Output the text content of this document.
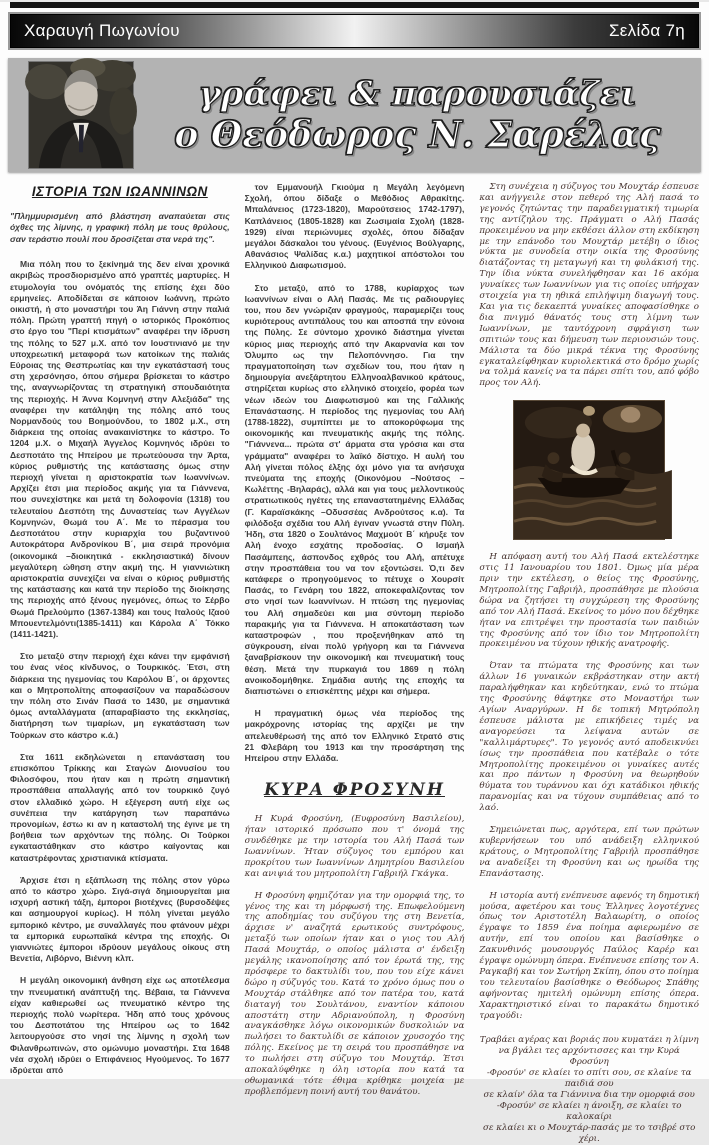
Χαραυγή Πωγωνίου	Σελίδα 7η
γράφει & παρουσιάζει
ο Θεόδωρος Ν. Σαρέλας
ΙΣΤΟΡΙΑ ΤΩΝ ΙΩΑΝΝΙΝΩΝ

"Πλημμυρισμένη από βλάστηση αναπαύεται στις όχθες της λίμνης, η γραφική πόλη με τους θρύλους, σαν τεράστιο πουλί που δροσίζεται στα νερά της".

Μια πόλη που το ξεκίνημά της δεν είναι χρονικά ακριβώς προσδιορισμένο από γραπτές μαρτυρίες. Η ετυμολογία του ονόματός της επίσης έχει δύο ερμηνείες. Αποδίδεται σε κάποιον Ιωάννη, πρώτο οικιστή, ή στο μοναστήρι του Άη Γιάννη στην παλιά πόλη. Πρώτη γραπτή πηγή ο ιστορικός Προκόπιος στο έργο του "Περί κτισμάτων" αναφέρει την ίδρυση της πόλης το 527 μ.Χ. από τον Ιουστινιανό με την υποχρεωτική μεταφορά των κατοίκων της παλιάς Εύροιας της Θεσπρωτίας και την εγκατάστασή τους στη χερσόνησο, όπου σήμερα βρίσκεται το κάστρο της, αναγνωρίζοντας τη στρατηγική σπουδαιότητα της περιοχής. Η Άννα Κομνηνή στην Αλεξιάδα" της αναφέρει την κατάληψη της πόλης από τους Νορμανδούς του Βοημούνδου, το 1802 μ.Χ., στη διάρκεια της οποίας ανακαινίστηκε το κάστρο. Το 1204 μ.Χ. ο Μιχαήλ Άγγελος Κομνηνός ιδρύει το Δεσποτάτο της Ηπείρου με πρωτεύουσα την Άρτα, κύριος ρυθμιστής της κατάστασης όμως στην περιοχή γίνεται η αριστοκρατία των Ιωαννίνων. Αρχίζει έτσι μια περίοδος ακμής για τα Γιάννενα, που συνεχίστηκε και μετά τη δολοφονία (1318) του τελευταίου Δεσπότη της Δυναστείας των Αγγέλων Κομνηνών, Θωμά του Α΄. Με το πέρασμα του Δεσποτάτου στην κυριαρχία του βυζαντινού Αυτοκράτορα Ανδρονίκου Β΄, μια σειρά προνόμια (οικονομικά –διοικητικά - εκκλησιαστικά) δίνουν μεγαλύτερη ώθηση στην ακμή της. Η γιαννιώτικη αριστοκρατία συνεχίζει να είναι ο κύριος ρυθμιστής της κατάστασης και κατά την περίοδο της διοίκησης της περιοχής από ξένους ηγεμόνες, όπως το Σέρβο Θωμά Πρελούμπο (1367-1384) και τους Ιταλούς Ιζαού Μπουεντελμόντι(1385-1411) και Κάρολα Α΄ Τόκκο (1411-1421).

Στο μεταξύ στην περιοχή έχει κάνει την εμφάνισή του ένας νέος κίνδυνος, ο Τουρκικός. Έτσι, στη διάρκεια της ηγεμονίας του Καρόλου Β΄, οι άρχοντες και ο Μητροπολίτης αποφασίζουν να παραδώσουν την πόλη στο Σινάν Πασά το 1430, με σημαντικά όμως ανταλλάγματα (απαραβίαστο της εκκλησίας, διατήρηση των τιμαρίων, μη εγκατάσταση των Τούρκων στο κάστρο κ.ά.)

Στα 1611 εκδηλώνεται η επανάσταση του επισκόπου Τρίκκης και Σταγών Διονυσίου του Φιλοσόφου, που ήταν και η πρώτη σημαντική προσπάθεια απαλλαγής από τον τουρκικό ζυγό στον ελλαδικό χώρο. Η εξέγερση αυτή είχε ως συνέπεια την κατάργηση των παραπάνω προνομίων, έστω κι αν η καταστολή της έγινε με τη βοήθεια των αρχόντων της πόλης. Οι Τούρκοι εγκαταστάθηκαν στο κάστρο καίγοντας και καταστρέφοντας χριστιανικά κτίσματα.

Άρχισε έτσι η εξάπλωση της πόλης στον γύρω από το κάστρο χώρο. Σιγά-σιγά δημιουργείται μια ισχυρή αστική τάξη, έμποροι βιοτέχνες (βυρσοδέψες και ασημουργοί κυρίως). Η πόλη γίνεται μεγάλο εμπορικό κέντρο, με συναλλαγές που φτάνουν μέχρι τα εμπορικά ευρωπαϊκά κέντρα της εποχής. Οι γιαννιώτες έμποροι ιδρύουν μεγάλους οίκους στη Βενετία, Λιβόρνο, Βιέννη κλπ.

Η μεγάλη οικονομική άνθηση είχε ως αποτέλεσμα την πνευματική ανάπτυξή της. Βέβαια, τα Γιάννενα είχαν καθιερωθεί ως πνευματικό κέντρο της περιοχής πολύ νωρίτερα. Ήδη από τους χρόνους του Δεσποτάτου της Ηπείρου ως το 1642 λειτουργούσε στο νησί της λίμνης η σχολή των Φιλανθρωπινών, στο ομώνυμο μοναστήρι. Στα 1648 νέα σχολή ιδρύει ο Επιφάνειος Ηγούμενος. Το 1677 ιδρύεται από

τον Εμμανουήλ Γκιούμα η Μεγάλη λεγόμενη Σχολή, όπου δίδαξε ο Μεθόδιος Αθρακίτης. Μπαλάνειος (1723-1820), Μαρούτσειος 1742-1797), Καπλάνειος (1805-1828) και Ζωσιμαία Σχολή (1828-1929) είναι περιώνυμες σχολές, όπου δίδαξαν μεγάλοι δάσκαλοι του γένους. (Ευγένιος Βούλγαρης, Αθανάσιος Ψαλίδας κ.α.) μαχητικοί απόστολοι του Ελληνικού Διαφωτισμού.

Στο μεταξύ, από το 1788, κυρίαρχος των Ιωαννίνων είναι ο Αλή Πασάς. Με τις ραδιουργίες του, που δεν γνώριζαν φραγμούς, παραμερίζει τους κυριότερους αντιπάλους του και αποσπά την εύνοια της Πύλης. Σε σύντομο χρονικό διάστημα γίνεται κύριος μιας περιοχής από την Ακαρνανία και τον Όλυμπο ως την Πελοπόννησο. Για την πραγματοποίηση των σχεδίων του, που ήταν η δημιουργία ανεξάρτητου Ελληνοαλβανικού κράτους, στηρίζεται κυρίως στο ελληνικό στοιχείο, φορέα των νέων ιδεών του Διαφωτισμού και της Γαλλικής Επανάστασης. Η περίοδος της ηγεμονίας του Αλή (1788-1822), συμπίπτει με το αποκορύφωμα της οικονομικής και πνευματικής ακμής της πόλης. "Γιάννενα... πρώτα στ' άρματα στα γρόσια και στα γράμματα" αναφέρει το λαϊκό δίστιχο. Η αυλή του Αλή γίνεται πόλος έλξης όχι μόνο για τα ανήσυχα πνεύματα της εποχής (Οικονόμου –Νούτσος – Κωλέττης -Βηλαράς), αλλά και για τους μελλοντικούς στρατιωτικούς ηγέτες της επαναστατημένης Ελλάδας (Γ. Καραϊσκάκης –Οδυσσέας Ανδρούτσος κ.α). Τα φιλόδοξα σχέδια του Αλή έγιναν γνωστά στην Πύλη. Ήδη, στα 1820 ο Σουλτάνος Μαχμούτ Β΄ κήρυξε τον Αλή ένοχο εσχάτης προδοσίας. Ο Ισμαήλ Πασάμπεης, άσπονδος εχθρός του Αλή, απέτυχε στην προσπάθεια του να τον εξοντώσει. Ό,τι δεν κατάφερε ο προηγούμενος το πέτυχε ο Χουρσίτ Πασάς, το Γενάρη του 1822, αποκεφαλίζοντας τον στο νησί των Ιωαννίνων. Η πτώση της ηγεμονίας του Αλή σημαδεύει και μια σύντομη περίοδο παρακμής για τα Γιάννενα. Η αποκατάσταση των καταστροφών , που προξενήθηκαν από τη σύγκρουση, είναι πολύ γρήγορη και τα Γιάννενα ξαναβρίσκουν την οικονομική και πνευματική τους θέση. Μετά την πυρκαγιά του 1869 η πόλη ανοικοδομήθηκε. Σημάδια αυτής της εποχής τα διαπιστώνει ο επισκέπτης μέχρι και σήμερα.

Η πραγματική όμως νέα περίοδος της μακρόχρονης ιστορίας της αρχίζει με την απελευθέρωσή της από τον Ελληνικό Στρατό στις 21 Φλεβάρη του 1913 και την προσάρτηση της Ηπείρου στην Ελλάδα.

ΚΥΡΑ ΦΡΟΣΥΝΗ

Η Κυρά Φροσύνη, (Ευφροσύνη Βασιλείου), ήταν ιστορικό πρόσωπο που τ' όνομά της συνδέθηκε με την ιστορία του Αλή Πασά των Ιωαννίνων. Ήταν σύζυγος του εμπόρου και προκρίτου των Ιωαννίνων Δημητρίου Βασιλείου και ανιψιά του μητροπολίτη Γαβριήλ Γκάγκα.

Η Φροσύνη φημιζόταν για την ομορφιά της, το γένος της και τη μόρφωσή της. Επωφελούμενη της αποδημίας του συζύγου της στη Βενετία, άρχισε ν' αναζητά ερωτικούς συντρόφους, μεταξύ των οποίων ήταν και ο γιος του Αλή Πασά Μουχτάρ, ο οποίος μάλιστα σ' ένδειξη μεγάλης ικανοποίησης από τον έρωτά της, της πρόσφερε το δακτυλίδι του, που του είχε κάνει δώρο η σύζυγός του. Κατά το χρόνο όμως που ο Μουχτάρ στάλθηκε από τον πατέρα του, κατά διαταγή του Σουλτάνου, εναντίον κάποιου αποστάτη στην Αδριανούπολη, η Φροσύνη αναγκάσθηκε λόγω οικονομικών δυσκολιών να πωλήσει το δακτυλίδι σε κάποιον χρυσοχόο της πόλης. Εκείνος με τη σειρά του προσπάθησε να το πωλήσει στη σύζυγο του Μουχτάρ. Έτσι αποκαλύφθηκε η όλη ιστορία που κατά τα οθωμανικά τότε έθιμα κρίθηκε μοιχεία με προβλεπόμενη ποινή αυτή του θανάτου.

Στη συνέχεια η σύζυγος του Μουχτάρ έσπευσε και ανήγγειλε στον πεθερό της Αλή πασά το γεγονός ζητώντας την παραδειγματική τιμωρία της αντίζηλου της. Πράγματι ο Αλή Πασάς προκειμένου να μην εκθέσει άλλον στη εκδίκηση με την επάνοδο του Μουχτάρ μετέβη ο ίδιος νύκτα με συνοδεία στην οικία της Φροσύνης διατάζοντας τη μεταγωγή και τη φυλάκισή της. Την ίδια νύκτα συνελήφθησαν και 16 ακόμα γυναίκες των Ιωαννίνων για τις οποίες υπήρχαν στοιχεία για τη ηθικά επιλήψιμη διαγωγή τους. Και για τις δεκαεπτά γυναίκες αποφασίσθηκε ο δια πνιγμό θάνατός τους στη λίμνη των Ιωαννίνων, με ταυτόχρονη σφράγιση των σπιτιών τους και δήμευση των περιουσιών τους. Μάλιστα τα δύο μικρά τέκνα της Φροσύνης εγκαταλείφθηκαν κυριολεκτικά στο δρόμο χωρίς να τολμά κανείς να τα πάρει σπίτι του, από φόβο προς τον Αλή.

Η απόφαση αυτή του Αλή Πασά εκτελέστηκε στις 11 Ιανουαρίου του 1801. Όμως μία μέρα πριν την εκτέλεση, ο θείος της Φροσύνης, Μητροπολίτης Γαβριήλ, προσπάθησε με πλούσια δώρα να ζητήσει τη συγχώρεση της Φροσύνης από τον Αλή Πασά. Εκείνος το μόνο που δέχθηκε ήταν να επιτρέψει την προστασία των παιδιών της Φροσύνης από τον ίδιο τον Μητροπολίτη προκειμένου να τύχουν ηθικής ανατροφής.

Όταν τα πτώματα της Φροσύνης και των άλλων 16 γυναικών εκβράστηκαν στην ακτή παραλήφθηκαν και κηδεύτηκαν, ενώ το πτώμα της Φροσύνης θάφτηκε στο Μοναστήρι των Αγίων Αναργύρων. Η δε τοπική Μητρόπολη έσπευσε μάλιστα με επικήδειες τιμές να αναγορεύσει τα λείψανα αυτών σε "καλλιμάρτυρες". Το γεγονός αυτό αποδεικνύει ίσως την προσπάθεια που κατέβαλε ο τότε Μητροπολίτης προκειμένου οι γυναίκες αυτές και προ πάντων η Φροσύνη να θεωρηθούν θύματα του τυράννου και όχι κατάδικοι ηθικής παρανομίας και να τύχουν συμπάθειας από το λαό.

Σημειώνεται πως, αργότερα, επί των πρώτων κυβερνήσεων του υπό ανάδειξη ελληνικού κράτους, ο Μητροπολίτης Γαβριήλ προσπάθησε να αναδείξει τη Φροσύνη και ως ηρωίδα της Επανάστασης.

Η ιστορία αυτή ενέπνευσε αφενός τη δημοτική μούσα, αφετέρου και τους Έλληνες λογοτέχνες όπως τον Αριστοτέλη Βαλαωρίτη, ο οποίος έγραψε το 1859 ένα ποίημα αφιερωμένο σε αυτήν, επί του οποίου και βασίσθηκε ο Ζακυνθινός μουσουργός Παύλος Καρέρ και έγραψε ομώνυμη όπερα. Ενέπνευσε επίσης τον Α. Ραγκαβή και τον Σωτήρη Σκίπη, όπου στο ποίημα του τελευταίου βασίσθηκε ο Θεόδωρος Σπάθης αφήνοντας ημιτελή ομώνυμη επίσης όπερα. Χαρακτηριστικό είναι το παρακάτω δημοτικό τραγούδι:

Τραβάει αγέρας και βοριάς που κυματάει η λίμνη
να βγάλει τες αρχόντισσες και την Κυρά Φροσύνη
-Φροσύν' σε κλαίει το σπίτι σου, σε κλαίνε τα παιδιά σου
σε κλαίν' όλα τα Γιάννινα δια την ομορφιά σου
-Φροσύν' σε κλαίει η άνοιξη, σε κλαίει το καλοκαίρι
σε κλαίει κι ο Μουχτάρ-πασάς με το τσιβρέ στο χέρι.
